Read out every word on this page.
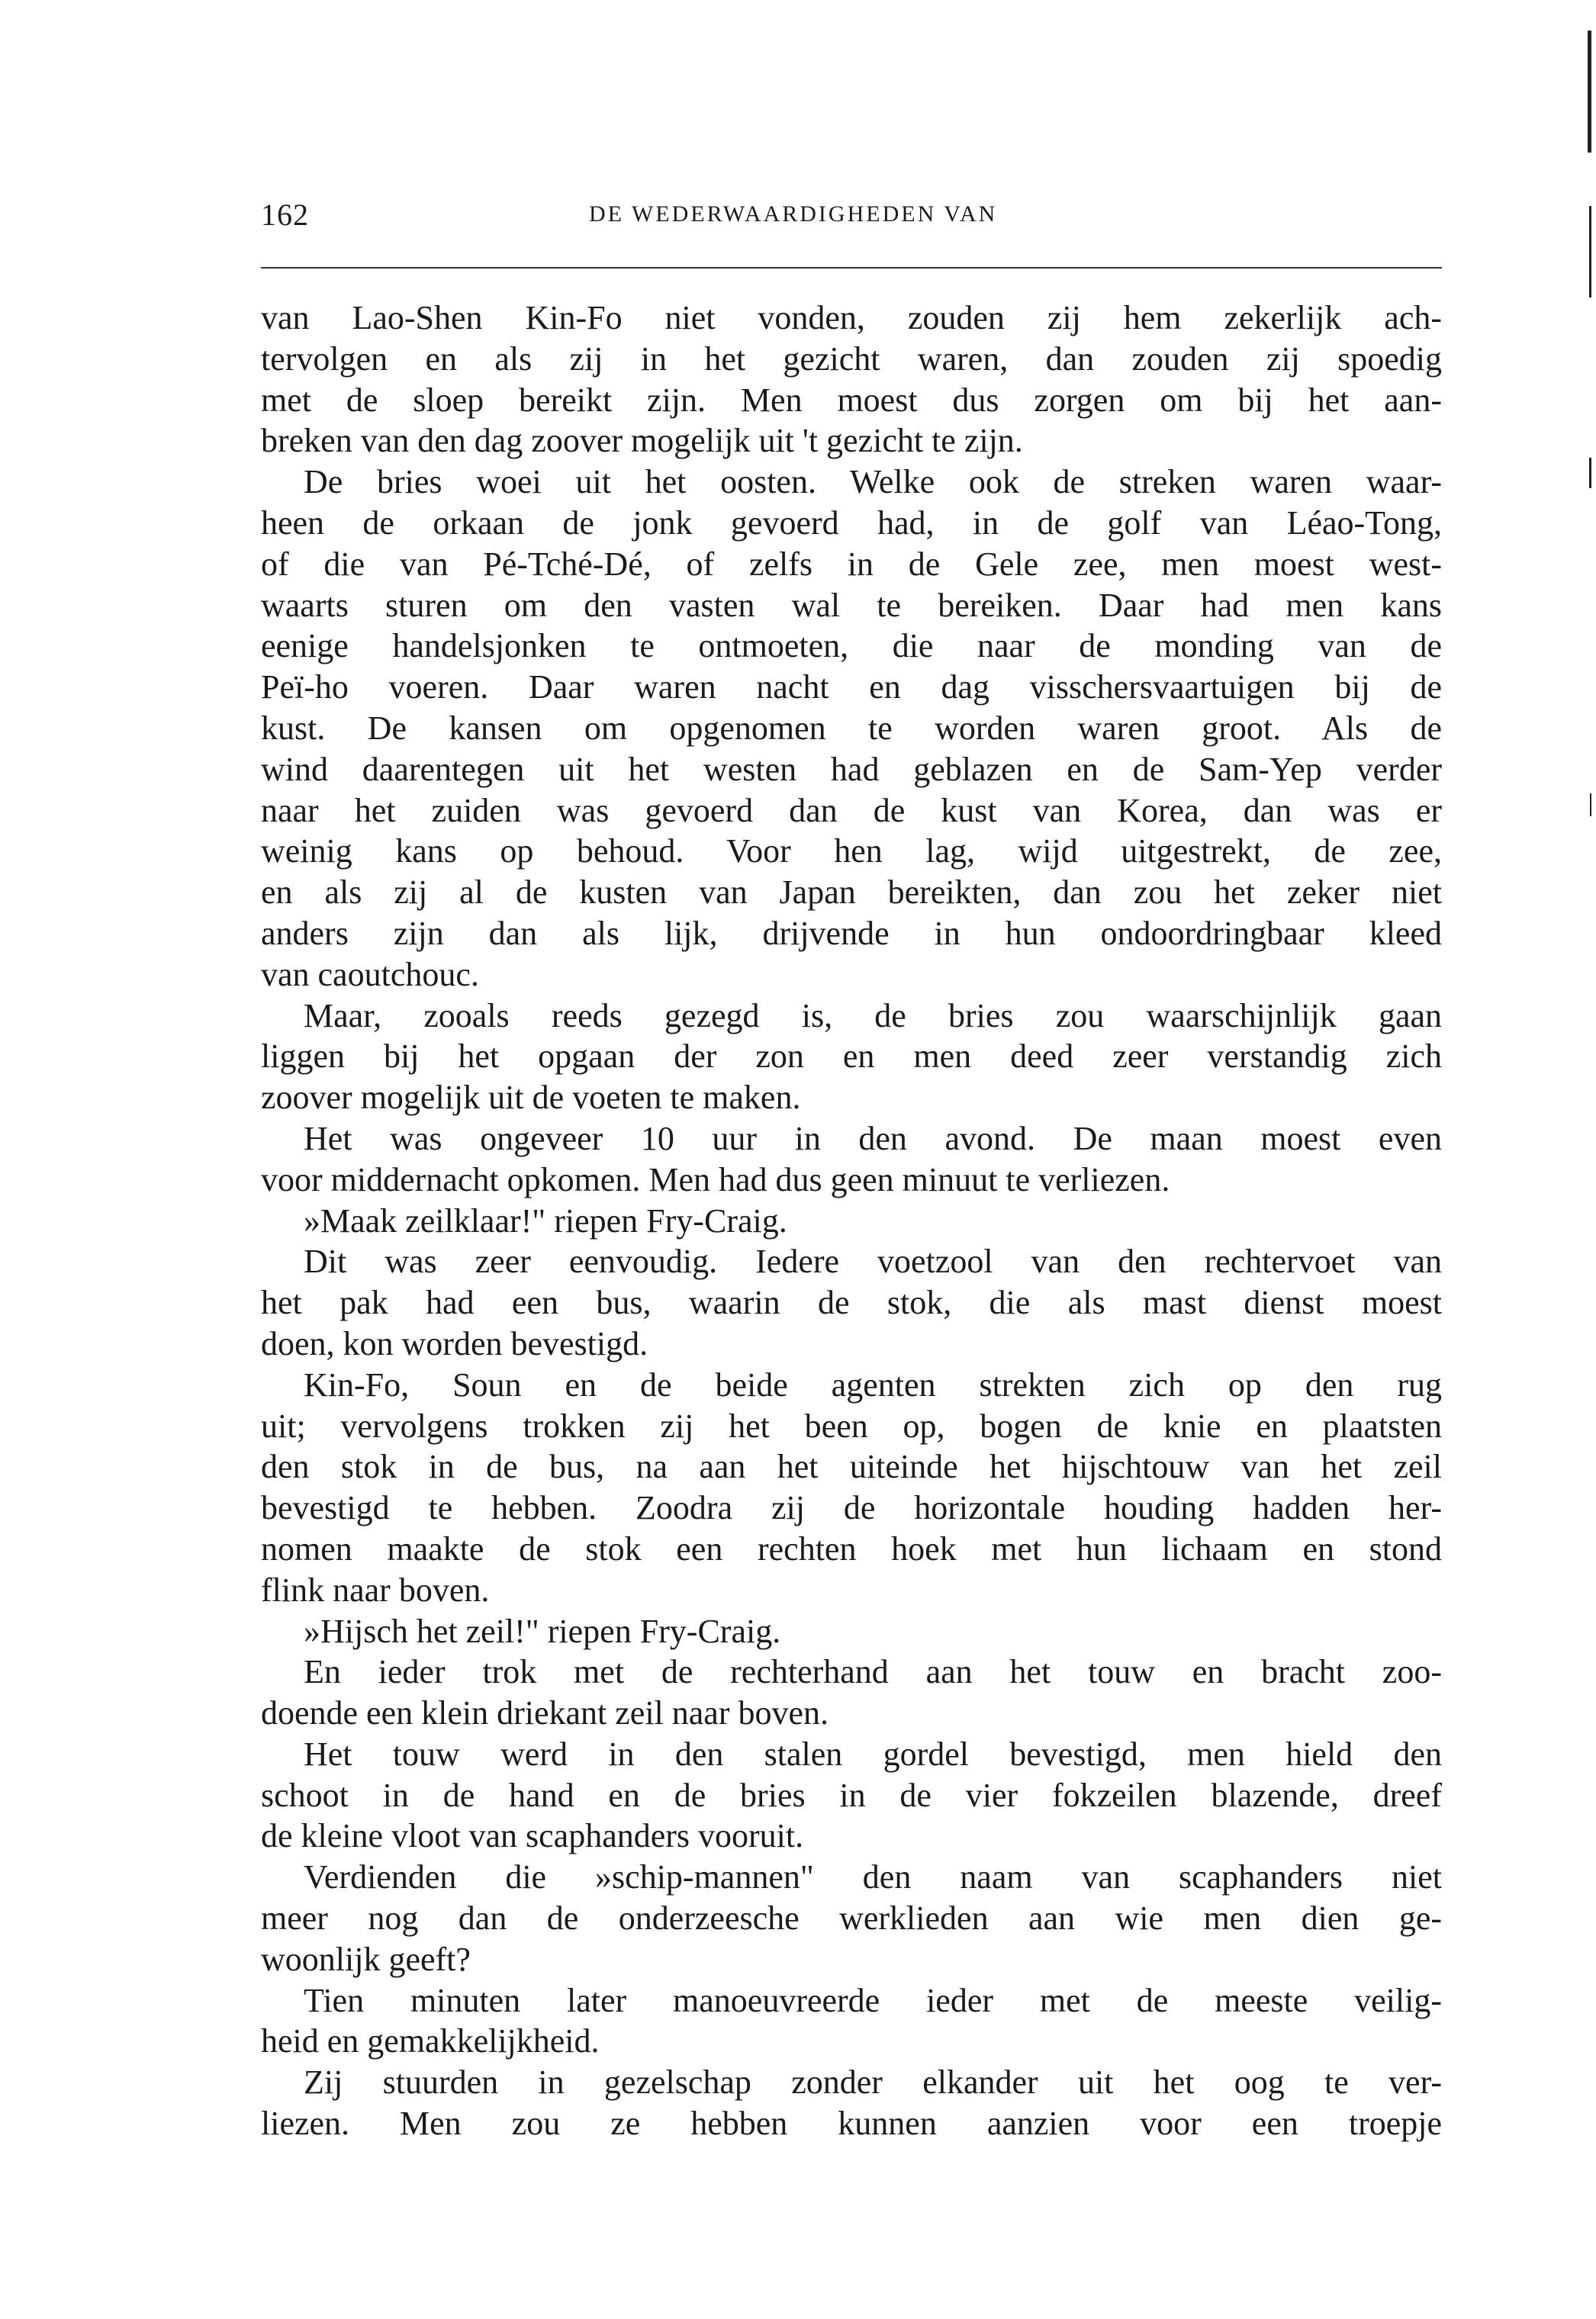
162	DE WEDERWAARDIGHEDEN VAN
van Lao-Shen Kin-Fo niet vonden, zouden zij hem zekerlijk ach-
tervolgen en als zij in het gezicht waren, dan zouden zij spoedig
met de sloep bereikt zijn. Men moest dus zorgen om bij het aan-
breken van den dag zoover mogelijk uit 't gezicht te zijn.
De bries woei uit het oosten. Welke ook de streken waren waar-
heen de orkaan de jonk gevoerd had, in de golf van Léao-Tong,
of die van Pé-Tché-Dé, of zelfs in de Gele zee, men moest west-
waarts sturen om den vasten wal te bereiken. Daar had men kans
eenige handelsjonken te ontmoeten, die naar de monding van de
Peï-ho voeren. Daar waren nacht en dag visschersvaartuigen bij de
kust. De kansen om opgenomen te worden waren groot. Als de
wind daarentegen uit het westen had geblazen en de Sam-Yep verder
naar het zuiden was gevoerd dan de kust van Korea, dan was er
weinig kans op behoud. Voor hen lag, wijd uitgestrekt, de zee,
en als zij al de kusten van Japan bereikten, dan zou het zeker niet
anders zijn dan als lijk, drijvende in hun ondoordringbaar kleed
van caoutchouc.
Maar, zooals reeds gezegd is, de bries zou waarschijnlijk gaan
liggen bij het opgaan der zon en men deed zeer verstandig zich
zoover mogelijk uit de voeten te maken.
Het was ongeveer 10 uur in den avond. De maan moest even
voor middernacht opkomen. Men had dus geen minuut te verliezen.
»Maak zeilklaar!" riepen Fry-Craig.
Dit was zeer eenvoudig. Iedere voetzool van den rechtervoet van
het pak had een bus, waarin de stok, die als mast dienst moest
doen, kon worden bevestigd.
Kin-Fo, Soun en de beide agenten strekten zich op den rug
uit; vervolgens trokken zij het been op, bogen de knie en plaatsten
den stok in de bus, na aan het uiteinde het hijschtouw van het zeil
bevestigd te hebben. Zoodra zij de horizontale houding hadden her-
nomen maakte de stok een rechten hoek met hun lichaam en stond
flink naar boven.
»Hijsch het zeil!" riepen Fry-Craig.
En ieder trok met de rechterhand aan het touw en bracht zoo-
doende een klein driekant zeil naar boven.
Het touw werd in den stalen gordel bevestigd, men hield den
schoot in de hand en de bries in de vier fokzeilen blazende, dreef
de kleine vloot van scaphanders vooruit.
Verdienden die »schip-mannen" den naam van scaphanders niet
meer nog dan de onderzeesche werklieden aan wie men dien ge-
woonlijk geeft?
Tien minuten later manoeuvreerde ieder met de meeste veilig-
heid en gemakkelijkheid.
Zij stuurden in gezelschap zonder elkander uit het oog te ver-
liezen. Men zou ze hebben kunnen aanzien voor een troepje
